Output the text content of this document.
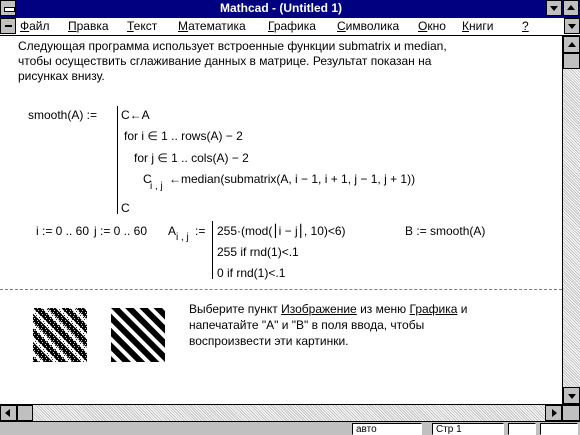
Mathcad - (Untitled 1)
Файл Правка Текст Математика Графика Символика Окно Книги ?
Следующая программа использует встроенные функции submatrix и median,
чтобы осуществить сглаживание данных в матрице. Результат показан на
рисунках внизу.
smooth(A) := C←A
for i ∈ 1 .. rows(A) − 2
for j ∈ 1 .. cols(A) − 2
C
i , j
←median(submatrix(A, i − 1, i + 1, j − 1, j + 1))
C
i := 0 .. 60 j := 0 .. 60 A i , j := 255·(mod(⎮i − j⎮, 10)<6)
255 if rnd(1)<.1
0 if rnd(1)<.1
B := smooth(A)
Выберите пункт Изображение из меню Графика и
напечатайте "A" и "B" в поля ввода, чтобы
воспроизвести эти картинки.
авто	Стр 1
